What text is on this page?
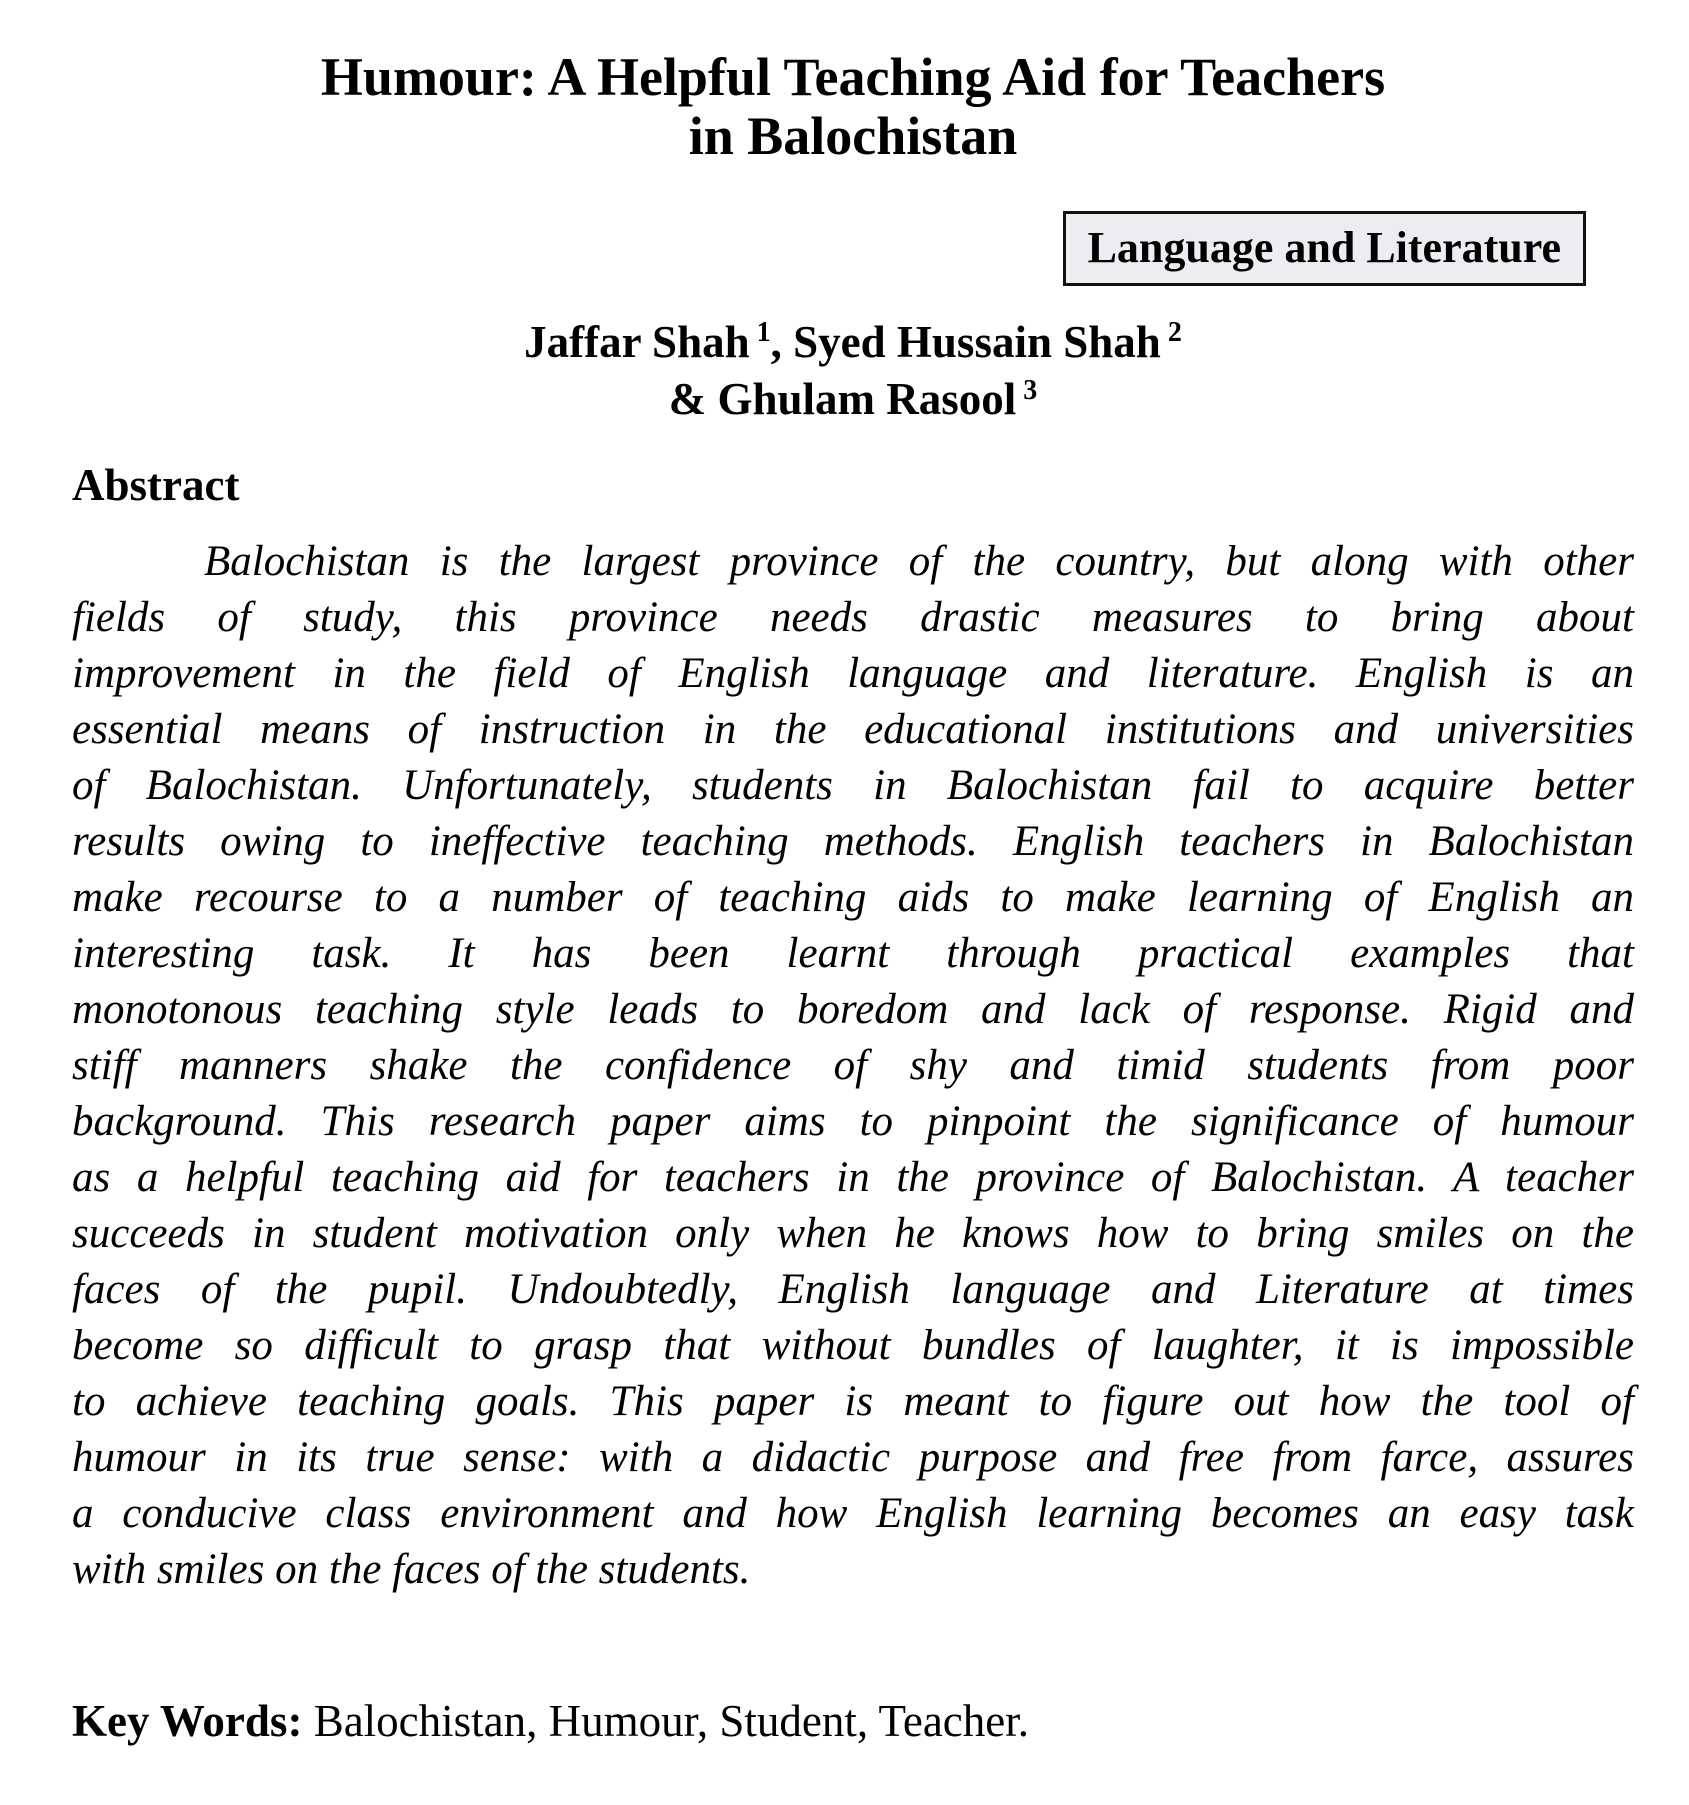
Humour: A Helpful Teaching Aid for Teachers
in Balochistan
Language and Literature
Jaffar Shah $^1$, Syed Hussain Shah $^2$
& Ghulam Rasool $^3$
Abstract
Balochistan is the largest province of the country, but along with other
fields of study, this province needs drastic measures to bring about
improvement in the field of English language and literature. English is an
essential means of instruction in the educational institutions and universities
of Balochistan. Unfortunately, students in Balochistan fail to acquire better
results owing to ineffective teaching methods. English teachers in Balochistan
make recourse to a number of teaching aids to make learning of English an
interesting task. It has been learnt through practical examples that
monotonous teaching style leads to boredom and lack of response. Rigid and
stiff manners shake the confidence of shy and timid students from poor
background. This research paper aims to pinpoint the significance of humour
as a helpful teaching aid for teachers in the province of Balochistan. A teacher
succeeds in student motivation only when he knows how to bring smiles on the
faces of the pupil. Undoubtedly, English language and Literature at times
become so difficult to grasp that without bundles of laughter, it is impossible
to achieve teaching goals. This paper is meant to figure out how the tool of
humour in its true sense: with a didactic purpose and free from farce, assures
a conducive class environment and how English learning becomes an easy task
with smiles on the faces of the students.
Key Words: Balochistan, Humour, Student, Teacher.
